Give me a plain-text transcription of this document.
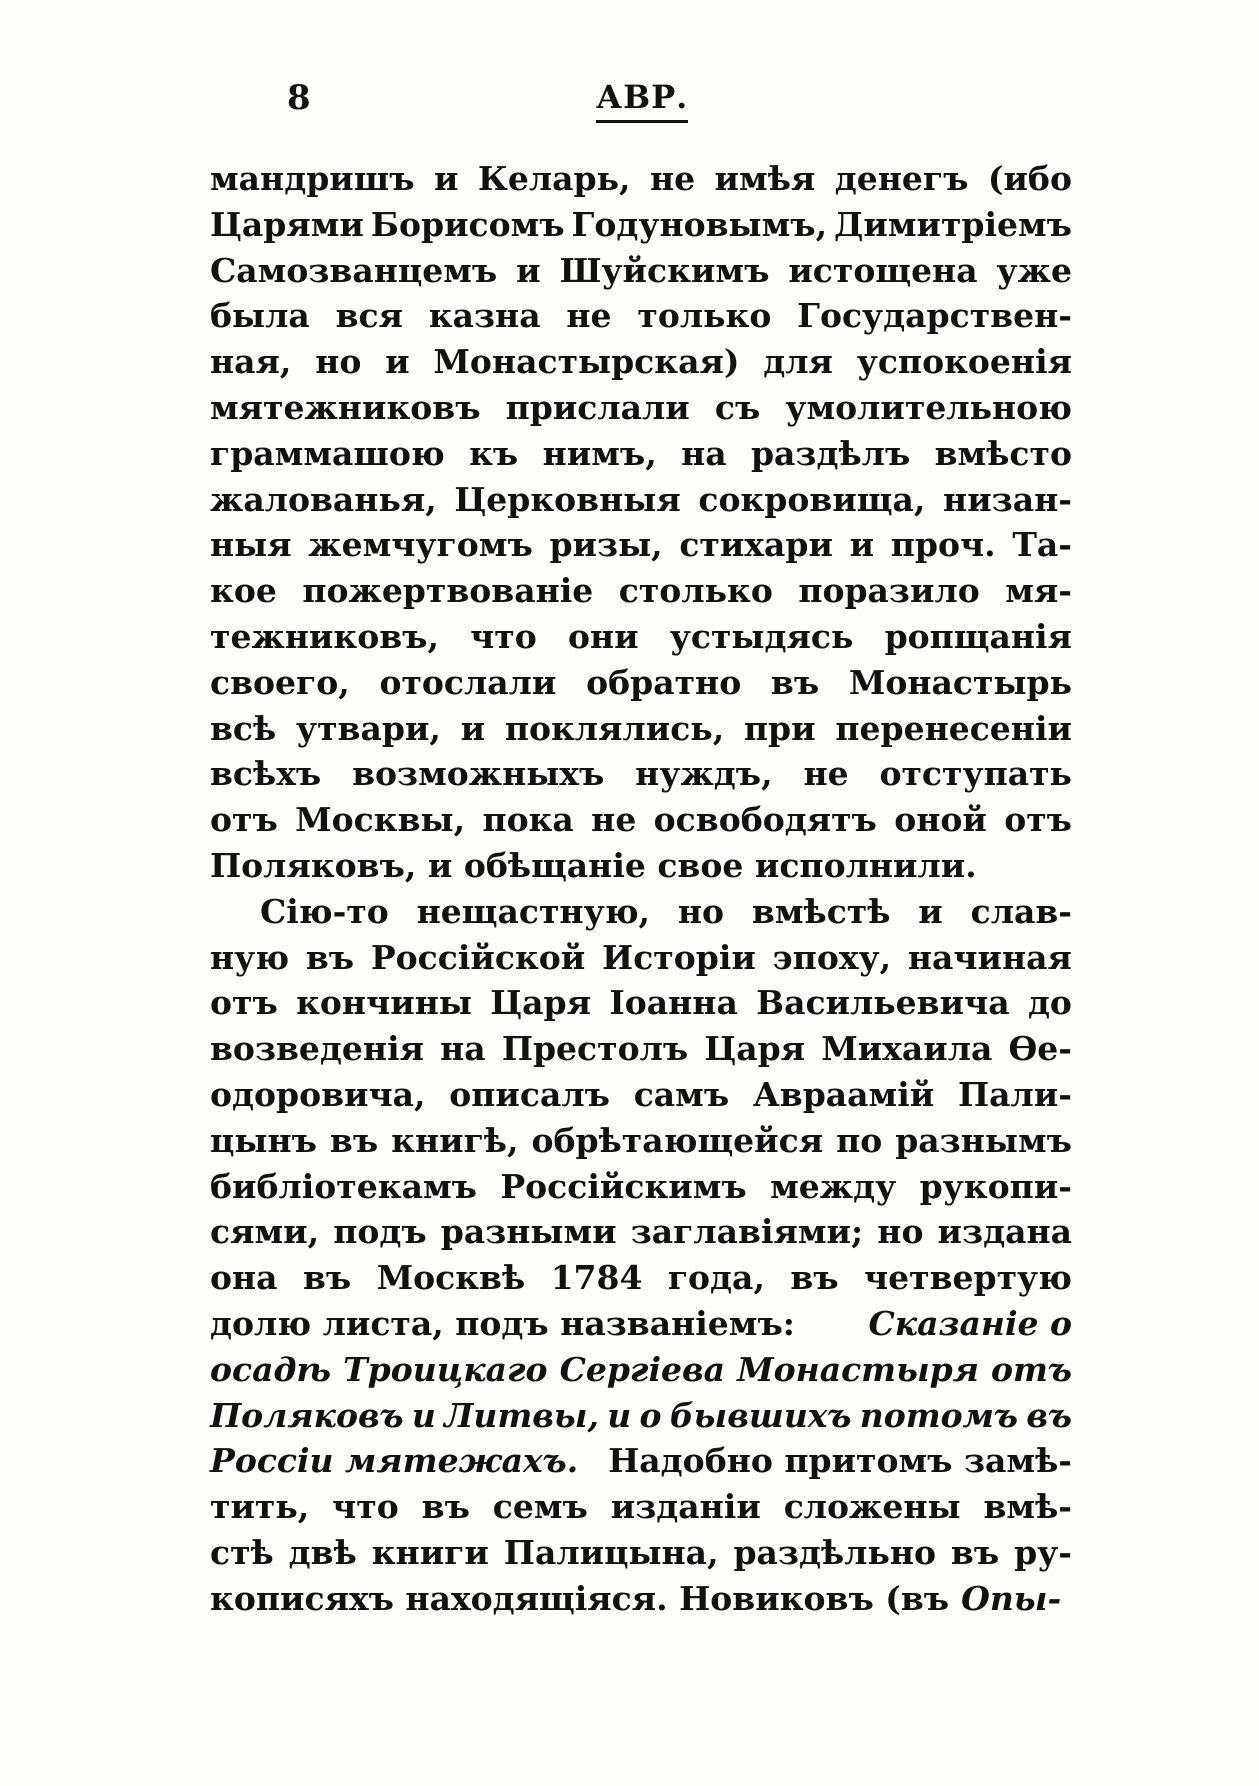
8	АВР.
мандришъ и Келарь, не имѣя денегъ (ибо
Царями Борисомъ Годуновымъ, Димитріемъ
Самозванцемъ и Шуйскимъ истощена уже
была вся казна не только Государствен-
ная, но и Монастырская) для успокоенія
мятежниковъ прислали съ умолительною
граммашою къ нимъ, на раздѣлъ вмѣсто
жалованья, Церковныя сокровища, низан-
ныя жемчугомъ ризы, стихари и проч. Та-
кое пожертвованіе столько поразило мя-
тежниковъ, что они устыдясь ропщанія
своего, отослали обратно въ Монастырь
всѣ утвари, и поклялись, при перенесеніи
всѣхъ возможныхъ нуждъ, не отступать
отъ Москвы, пока не освободятъ оной отъ
Поляковъ, и обѣщаніе свое исполнили.
Сію-то нещастную, но вмѣстѣ и слав-
ную въ Россійской Исторіи эпоху, начиная
отъ кончины Царя Іоанна Васильевича до
возведенія на Престолъ Царя Михаила Ѳе-
одоровича, описалъ самъ Авраамій Пали-
цынъ въ книгѣ, обрѣтающейся по разнымъ
библіотекамъ Россійскимъ между рукопи-
сями, подъ разными заглавіями; но издана
она въ Москвѣ 1784 года, въ четвертую
долю листа, подъ названіемъ: Сказаніе о
осадѣ Троицкаго Сергіева Монастыря отъ
Поляковъ и Литвы, и о бывшихъ потомъ въ
Россіи мятежахъ. Надобно притомъ замѣ-
тить, что въ семъ изданіи сложены вмѣ-
стѣ двѣ книги Палицына, раздѣльно въ ру-
кописяхъ находящіяся. Новиковъ (въ Опы-
